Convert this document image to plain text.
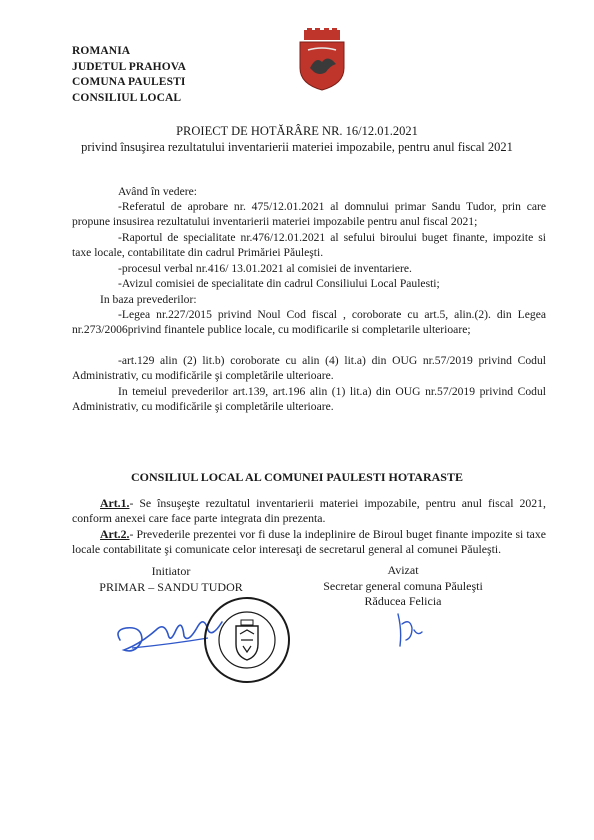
ROMANIA
JUDETUL PRAHOVA
COMUNA PAULESTI
CONSILIUL LOCAL
PROIECT DE HOTĂRÂRE NR. 16/12.01.2021
privind însuşirea rezultatului inventarierii materiei impozabile, pentru anul fiscal 2021
Având în vedere:
-Referatul de aprobare nr. 475/12.01.2021 al domnului primar Sandu Tudor, prin care propune insusirea rezultatului inventarierii materiei impozabile pentru anul fiscal 2021;
-Raportul de specialitate nr.476/12.01.2021 al sefului biroului buget finante, impozite si taxe locale, contabilitate din cadrul Primăriei Păuleşti.
-procesul verbal nr.416/ 13.01.2021 al comisiei de inventariere.
-Avizul comisiei de specialitate din cadrul Consiliului Local Paulesti;
In baza prevederilor:
-Legea nr.227/2015 privind Noul Cod fiscal , coroborate cu art.5, alin.(2). din Legea nr.273/2006privind finantele publice locale, cu modificarile si completarile ulterioare;
-art.129 alin (2) lit.b) coroborate cu alin (4) lit.a) din OUG nr.57/2019 privind Codul Administrativ, cu modificările şi completările ulterioare.
In temeiul prevederilor art.139, art.196 alin (1) lit.a) din OUG nr.57/2019 privind Codul Administrativ, cu modificările şi completările ulterioare.
CONSILIUL LOCAL AL COMUNEI PAULESTI HOTARASTE
Art.1.- Se însuşeşte rezultatul inventarierii materiei impozabile, pentru anul fiscal 2021, conform anexei care face parte integrata din prezenta.
Art.2.- Prevederile prezentei vor fi duse la indeplinire de Biroul buget finante impozite si taxe locale contabilitate şi comunicate celor interesaţi de secretarul general al comunei Păuleşti.
Initiator
PRIMAR – SANDU TUDOR
Avizat
Secretar general comuna Păuleşti
Răducea Felicia
